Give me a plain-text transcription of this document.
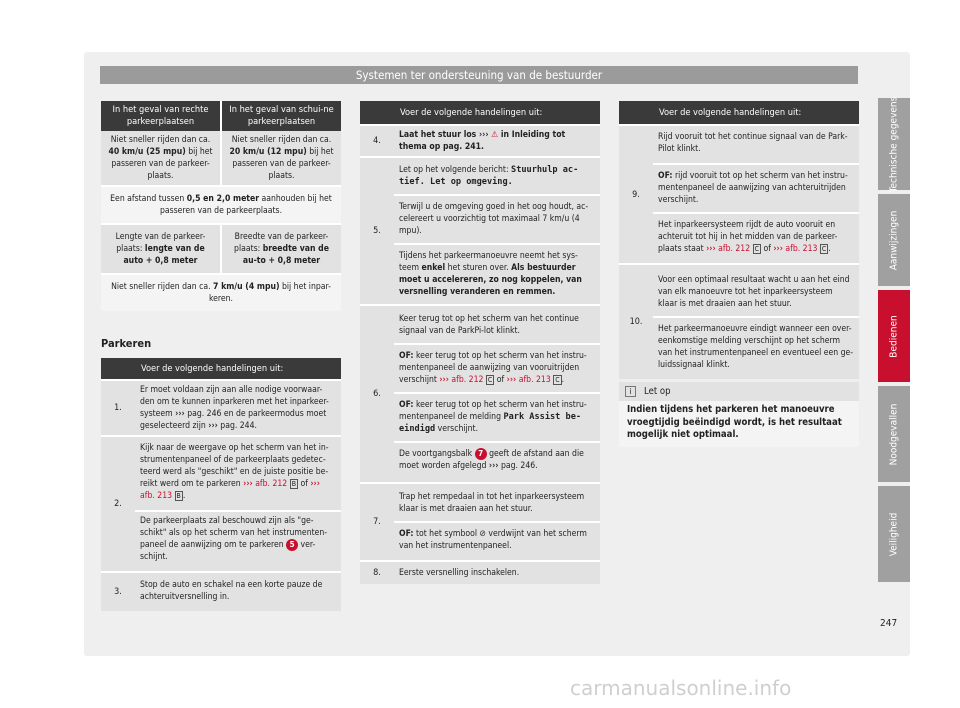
Systemen ter ondersteuning van de bestuurder
In het geval van rechte parkeerplaatsen	In het geval van schui-ne parkeerplaatsen
Niet sneller rijden dan ca. 40 km/u (25 mpu) bij het passeren van de parkeer-plaats.	Niet sneller rijden dan ca. 20 km/u (12 mpu) bij het passeren van de parkeer-plaats.
Een afstand tussen 0,5 en 2,0 meter aanhouden bij het passeren van de parkeerplaats.	
Lengte van de parkeer-plaats: lengte van de auto + 0,8 meter	Breedte van de parkeer-plaats: breedte van de au-to + 0,8 meter
Niet sneller rijden dan ca. 7 km/u (4 mpu) bij het inpar-keren.	
Parkeren
	Voer de volgende handelingen uit:
1.	Er moet voldaan zijn aan alle nodige voorwaar-den om te kunnen inparkeren met het inparkeer-systeem ››› pag. 246 en de parkeermodus moet geselecteerd zijn ››› pag. 244.
2.	Kijk naar de weergave op het scherm van het in-strumentenpaneel of de parkeerplaats gedetec-teerd werd als "geschikt" en de juiste positie be-reikt werd om te parkeren ››› afb. 212 B of ››› afb. 213 B .
	De parkeerplaats zal beschouwd zijn als "ge-schikt" als op het scherm van het instrumenten-paneel de aanwijzing om te parkeren 5 ver-schijnt.
3.	Stop de auto en schakel na een korte pauze de achteruitversnelling in.
	Voer de volgende handelingen uit:
4.	Laat het stuur los ››› ⚠ in Inleiding tot thema op pag. 241.
5.	Let op het volgende bericht: Stuurhulp ac-tief. Let op omgeving.
	Terwijl u de omgeving goed in het oog houdt, ac-celereert u voorzichtig tot maximaal 7 km/u (4 mpu).
	Tijdens het parkeermanoeuvre neemt het sys-teem enkel het sturen over. Als bestuurder moet u accelereren, zo nog koppelen, van versnelling veranderen en remmen.
6.	Keer terug tot op het scherm van het continue signaal van de ParkPi-lot klinkt.
	OF: keer terug tot op het scherm van het instru-mentenpaneel de aanwijzing van vooruitrijden verschijnt ››› afb. 212 C of ››› afb. 213 C .
	OF: keer terug tot op het scherm van het instru-mentenpaneel de melding Park Assist be-eindigd verschijnt.
	De voortgangsbalk 7 geeft de afstand aan die moet worden afgelegd ››› pag. 246.
7.	Trap het rempedaal in tot het inparkeersysteem klaar is met draaien aan het stuur.
	OF: tot het symbool ⊘ verdwijnt van het scherm van het instrumentenpaneel.
8.	Eerste versnelling inschakelen.
	Voer de volgende handelingen uit:
9.	Rijd vooruit tot het continue signaal van de Park-Pilot klinkt.
	OF: rijd vooruit tot op het scherm van het instru-mentenpaneel de aanwijzing van achteruitrijden verschijnt.
	Het inparkeersysteem rijdt de auto vooruit en achteruit tot hij in het midden van de parkeer-plaats staat ››› afb. 212 C of ››› afb. 213 C .
10.	Voor een optimaal resultaat wacht u aan het eind van elk manoeuvre tot het inparkeersysteem klaar is met draaien aan het stuur.
	Het parkeermanoeuvre eindigt wanneer een over-eenkomstige melding verschijnt op het scherm van het instrumentenpaneel en eventueel een ge-luidssignaal klinkt.
i Let op
Indien tijdens het parkeren het manoeuvre vroegtijdig beëindigd wordt, is het resultaat mogelijk niet optimaal.
Technische gegevens
Aanwijzingen
Bedienen
Noodgevallen
Veiligheid
247
carmanualsonline.info
